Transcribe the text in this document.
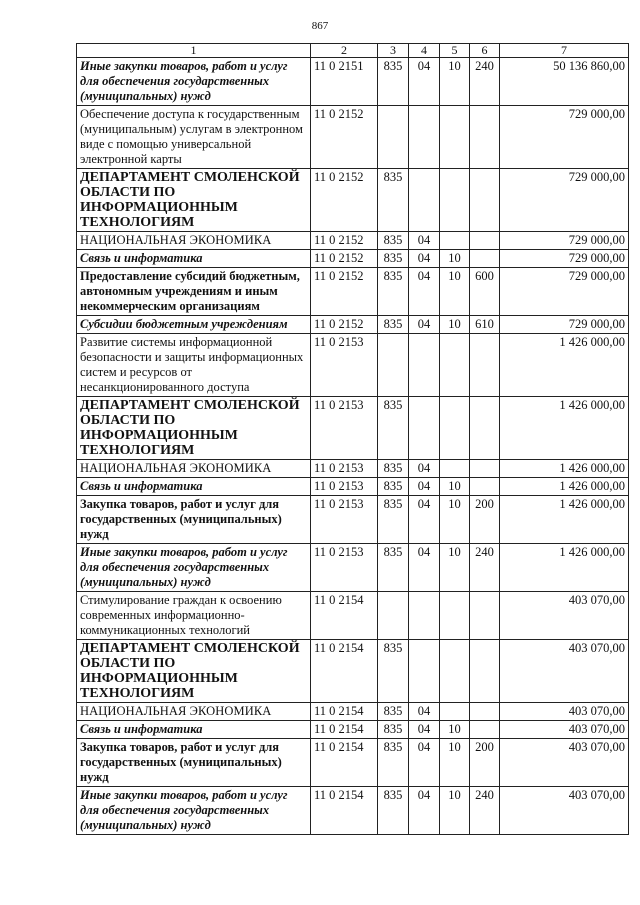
867
1	2	3	4	5	6	7
Иные закупки товаров, работ и услуг для обеспечения государственных (муниципальных) нужд	11 0 2151	835	04	10	240	50 136 860,00
Обеспечение доступа к государственным (муниципальным) услугам в электронном виде с помощью универсальной электронной карты	11 0 2152					729 000,00
ДЕПАРТАМЕНТ СМОЛЕНСКОЙ ОБЛАСТИ ПО ИНФОРМАЦИОННЫМ ТЕХНОЛОГИЯМ	11 0 2152	835				729 000,00
НАЦИОНАЛЬНАЯ ЭКОНОМИКА	11 0 2152	835	04			729 000,00
Связь и информатика	11 0 2152	835	04	10		729 000,00
Предоставление субсидий бюджетным, автономным учреждениям и иным некоммерческим организациям	11 0 2152	835	04	10	600	729 000,00
Субсидии бюджетным учреждениям	11 0 2152	835	04	10	610	729 000,00
Развитие системы информационной безопасности и защиты информационных систем и ресурсов от несанкционированного доступа	11 0 2153					1 426 000,00
ДЕПАРТАМЕНТ СМОЛЕНСКОЙ ОБЛАСТИ ПО ИНФОРМАЦИОННЫМ ТЕХНОЛОГИЯМ	11 0 2153	835				1 426 000,00
НАЦИОНАЛЬНАЯ ЭКОНОМИКА	11 0 2153	835	04			1 426 000,00
Связь и информатика	11 0 2153	835	04	10		1 426 000,00
Закупка товаров, работ и услуг для государственных (муниципальных) нужд	11 0 2153	835	04	10	200	1 426 000,00
Иные закупки товаров, работ и услуг для обеспечения государственных (муниципальных) нужд	11 0 2153	835	04	10	240	1 426 000,00
Стимулирование граждан к освоению современных информационно-коммуникационных технологий	11 0 2154					403 070,00
ДЕПАРТАМЕНТ СМОЛЕНСКОЙ ОБЛАСТИ ПО ИНФОРМАЦИОННЫМ ТЕХНОЛОГИЯМ	11 0 2154	835				403 070,00
НАЦИОНАЛЬНАЯ ЭКОНОМИКА	11 0 2154	835	04			403 070,00
Связь и информатика	11 0 2154	835	04	10		403 070,00
Закупка товаров, работ и услуг для государственных (муниципальных) нужд	11 0 2154	835	04	10	200	403 070,00
Иные закупки товаров, работ и услуг для обеспечения государственных (муниципальных) нужд	11 0 2154	835	04	10	240	403 070,00
